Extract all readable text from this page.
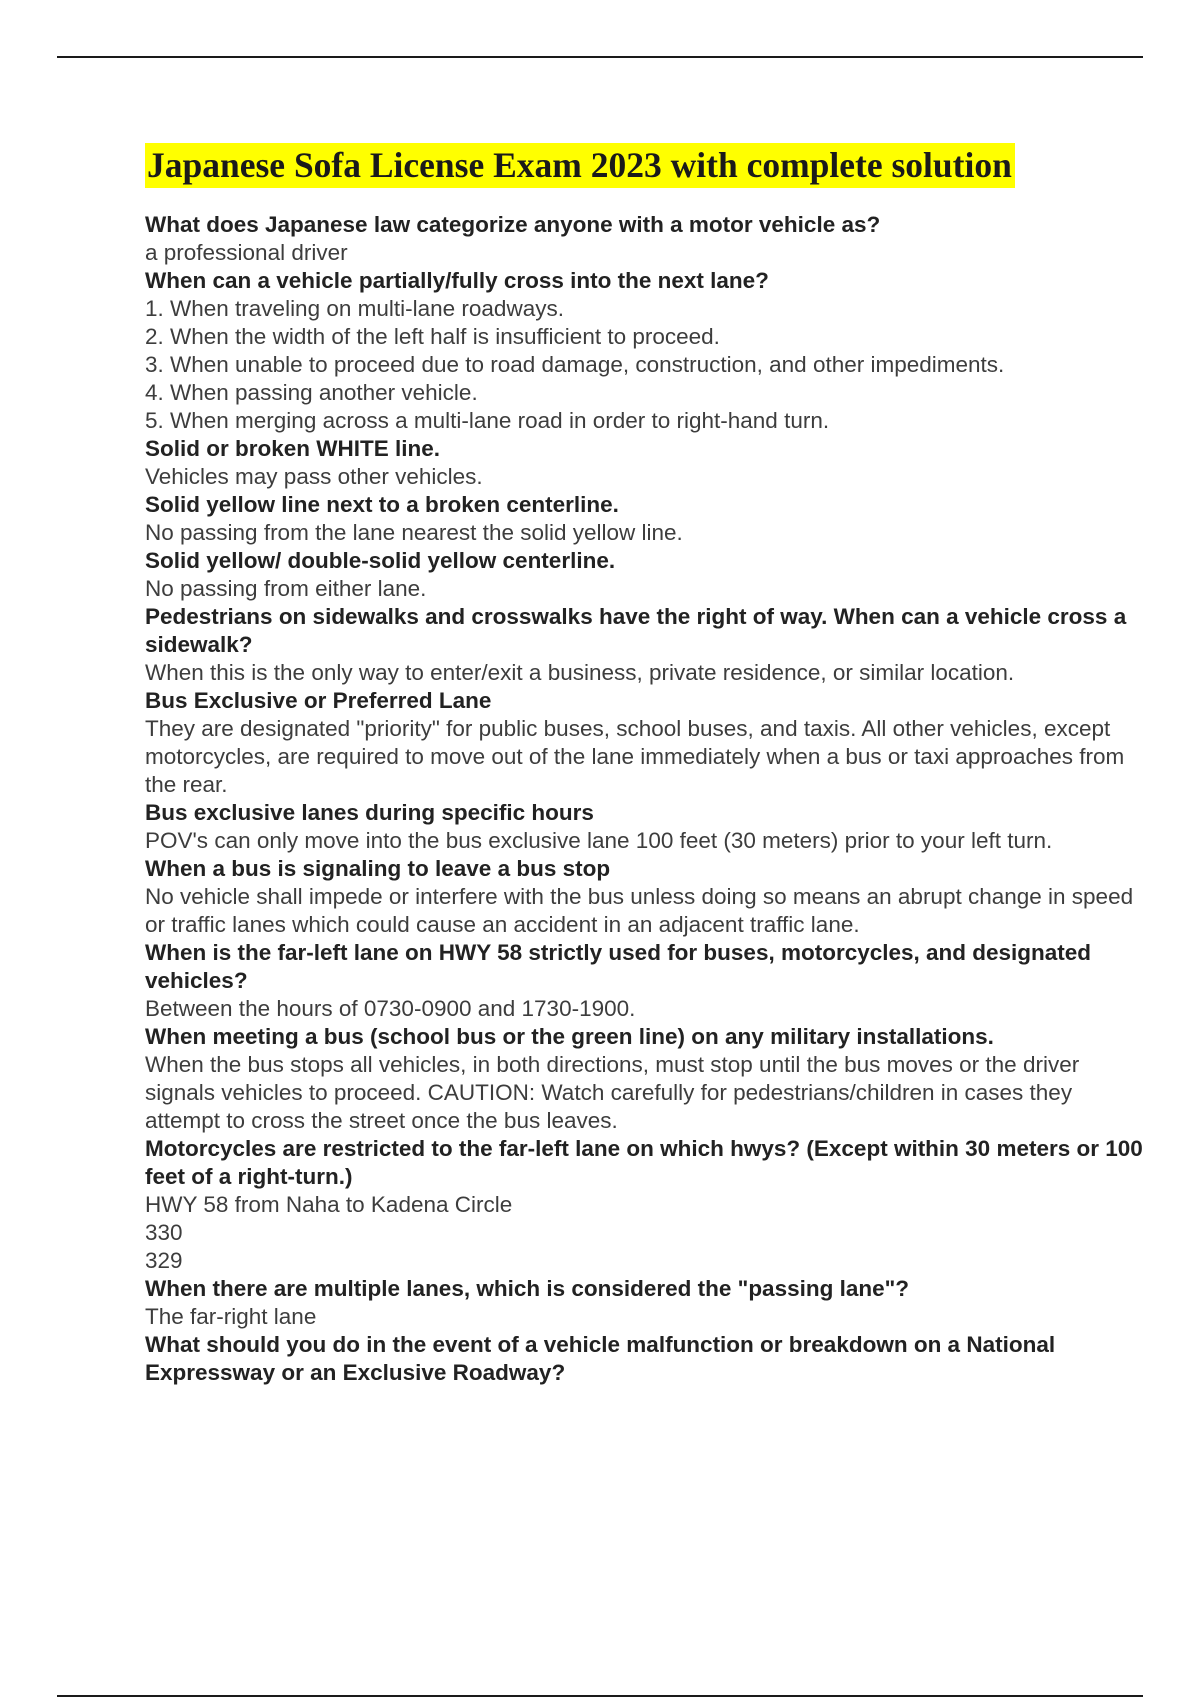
Japanese Sofa License Exam 2023 with complete solution
What does Japanese law categorize anyone with a motor vehicle as?
a professional driver
When can a vehicle partially/fully cross into the next lane?
1. When traveling on multi-lane roadways.
2. When the width of the left half is insufficient to proceed.
3. When unable to proceed due to road damage, construction, and other impediments.
4. When passing another vehicle.
5. When merging across a multi-lane road in order to right-hand turn.
Solid or broken WHITE line.
Vehicles may pass other vehicles.
Solid yellow line next to a broken centerline.
No passing from the lane nearest the solid yellow line.
Solid yellow/ double-solid yellow centerline.
No passing from either lane.
Pedestrians on sidewalks and crosswalks have the right of way. When can a vehicle cross a sidewalk?
When this is the only way to enter/exit a business, private residence, or similar location.
Bus Exclusive or Preferred Lane
They are designated "priority" for public buses, school buses, and taxis. All other vehicles, except motorcycles, are required to move out of the lane immediately when a bus or taxi approaches from the rear.
Bus exclusive lanes during specific hours
POV's can only move into the bus exclusive lane 100 feet (30 meters) prior to your left turn.
When a bus is signaling to leave a bus stop
No vehicle shall impede or interfere with the bus unless doing so means an abrupt change in speed or traffic lanes which could cause an accident in an adjacent traffic lane.
When is the far-left lane on HWY 58 strictly used for buses, motorcycles, and designated vehicles?
Between the hours of 0730-0900 and 1730-1900.
When meeting a bus (school bus or the green line) on any military installations.
When the bus stops all vehicles, in both directions, must stop until the bus moves or the driver signals vehicles to proceed. CAUTION: Watch carefully for pedestrians/children in cases they attempt to cross the street once the bus leaves.
Motorcycles are restricted to the far-left lane on which hwys? (Except within 30 meters or 100 feet of a right-turn.)
HWY 58 from Naha to Kadena Circle
330
329
When there are multiple lanes, which is considered the "passing lane"?
The far-right lane
What should you do in the event of a vehicle malfunction or breakdown on a National Expressway or an Exclusive Roadway?
